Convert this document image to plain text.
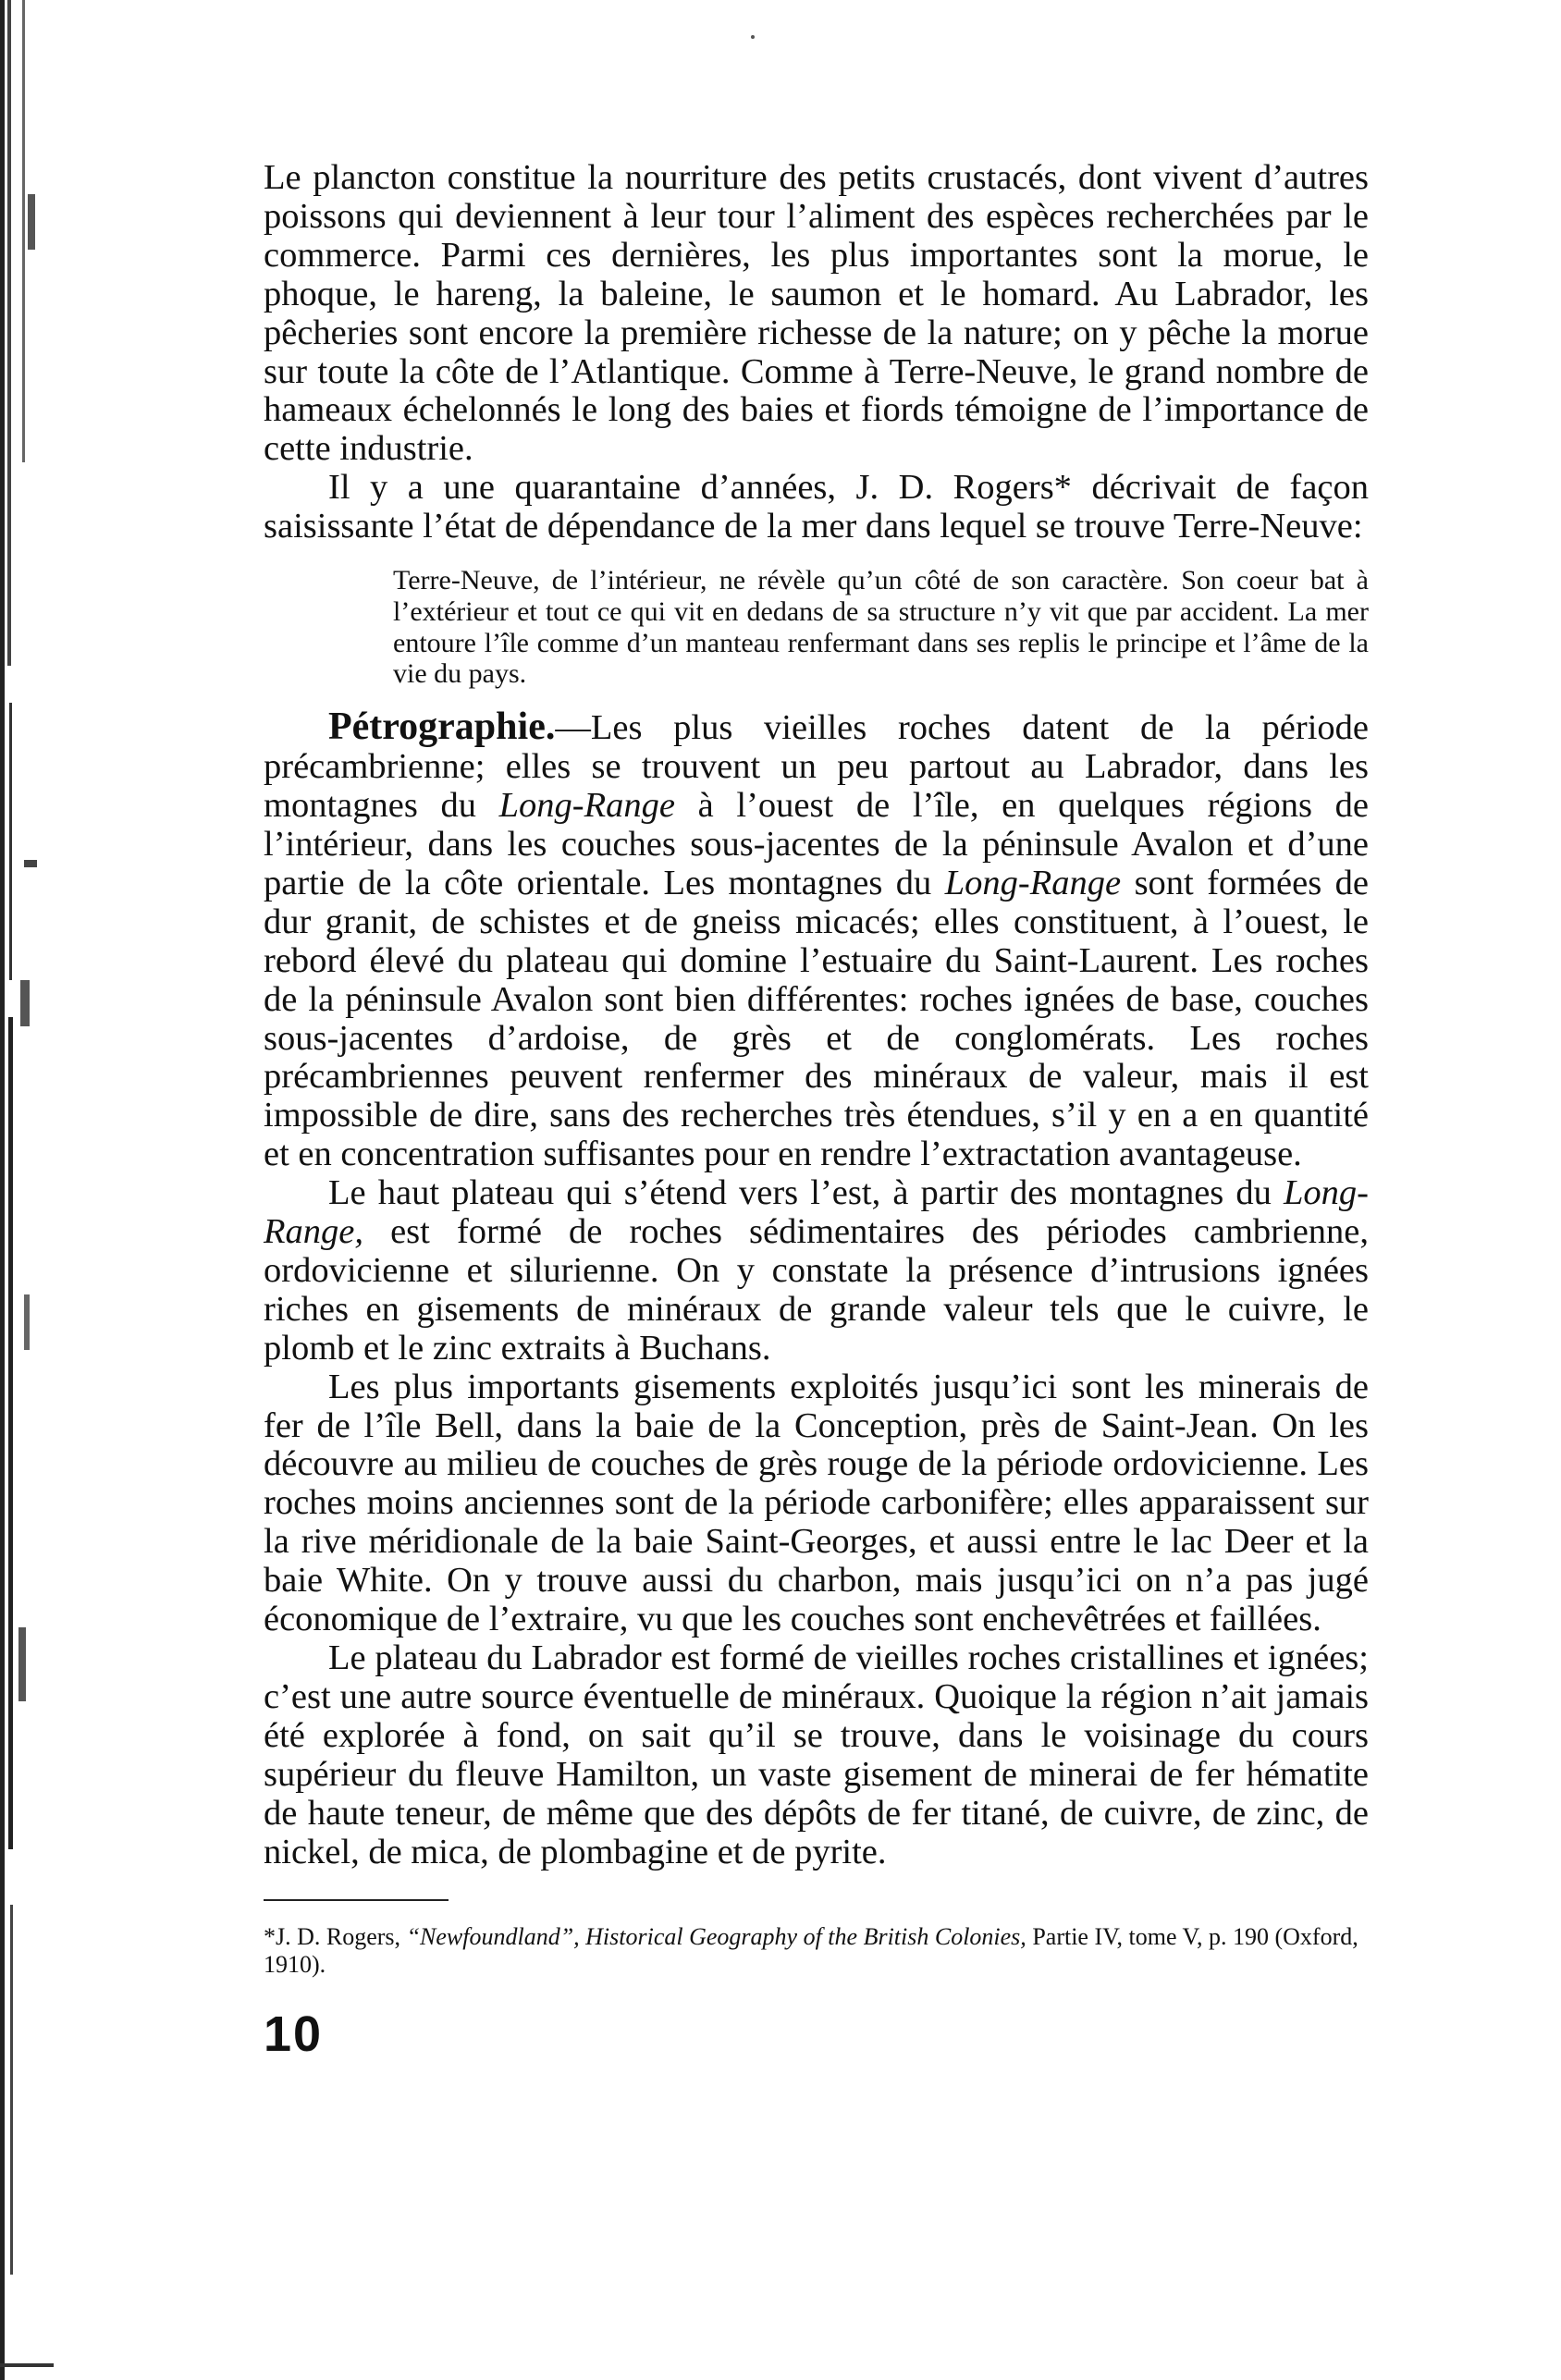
Le plancton constitue la nourriture des petits crustacés, dont vivent d’autres poissons qui deviennent à leur tour l’aliment des espèces recherchées par le commerce. Parmi ces dernières, les plus importantes sont la morue, le phoque, le hareng, la baleine, le saumon et le homard. Au Labrador, les pêcheries sont encore la première richesse de la nature; on y pêche la morue sur toute la côte de l’Atlantique. Comme à Terre-Neuve, le grand nombre de hameaux échelonnés le long des baies et fiords témoigne de l’importance de cette industrie.

Il y a une quarantaine d’années, J. D. Rogers* décrivait de façon saisissante l’état de dépendance de la mer dans lequel se trouve Terre-Neuve:

Terre-Neuve, de l’intérieur, ne révèle qu’un côté de son caractère. Son coeur bat à l’extérieur et tout ce qui vit en dedans de sa structure n’y vit que par accident. La mer entoure l’île comme d’un manteau renfermant dans ses replis le principe et l’âme de la vie du pays.

Pétrographie.—Les plus vieilles roches datent de la période précambrienne; elles se trouvent un peu partout au Labrador, dans les montagnes du Long-Range à l’ouest de l’île, en quelques régions de l’intérieur, dans les couches sous-jacentes de la péninsule Avalon et d’une partie de la côte orientale. Les montagnes du Long-Range sont formées de dur granit, de schistes et de gneiss micacés; elles constituent, à l’ouest, le rebord élevé du plateau qui domine l’estuaire du Saint-Laurent. Les roches de la péninsule Avalon sont bien différentes: roches ignées de base, couches sous-jacentes d’ardoise, de grès et de conglomérats. Les roches précambriennes peuvent renfermer des minéraux de valeur, mais il est impossible de dire, sans des recherches très étendues, s’il y en a en quantité et en concentration suffisantes pour en rendre l’extractation avantageuse.

Le haut plateau qui s’étend vers l’est, à partir des montagnes du Long-Range, est formé de roches sédimentaires des périodes cambrienne, ordovicienne et silurienne. On y constate la présence d’intrusions ignées riches en gisements de minéraux de grande valeur tels que le cuivre, le plomb et le zinc extraits à Buchans.

Les plus importants gisements exploités jusqu’ici sont les minerais de fer de l’île Bell, dans la baie de la Conception, près de Saint-Jean. On les découvre au milieu de couches de grès rouge de la période ordovicienne. Les roches moins anciennes sont de la période carbonifère; elles apparaissent sur la rive méridionale de la baie Saint-Georges, et aussi entre le lac Deer et la baie White. On y trouve aussi du charbon, mais jusqu’ici on n’a pas jugé économique de l’extraire, vu que les couches sont enchevêtrées et faillées.

Le plateau du Labrador est formé de vieilles roches cristallines et ignées; c’est une autre source éventuelle de minéraux. Quoique la région n’ait jamais été explorée à fond, on sait qu’il se trouve, dans le voisinage du cours supérieur du fleuve Hamilton, un vaste gisement de minerai de fer hématite de haute teneur, de même que des dépôts de fer titané, de cuivre, de zinc, de nickel, de mica, de plombagine et de pyrite.

*J. D. Rogers, “Newfoundland”, Historical Geography of the British Colonies, Partie IV, tome V, p. 190 (Oxford, 1910).

10
